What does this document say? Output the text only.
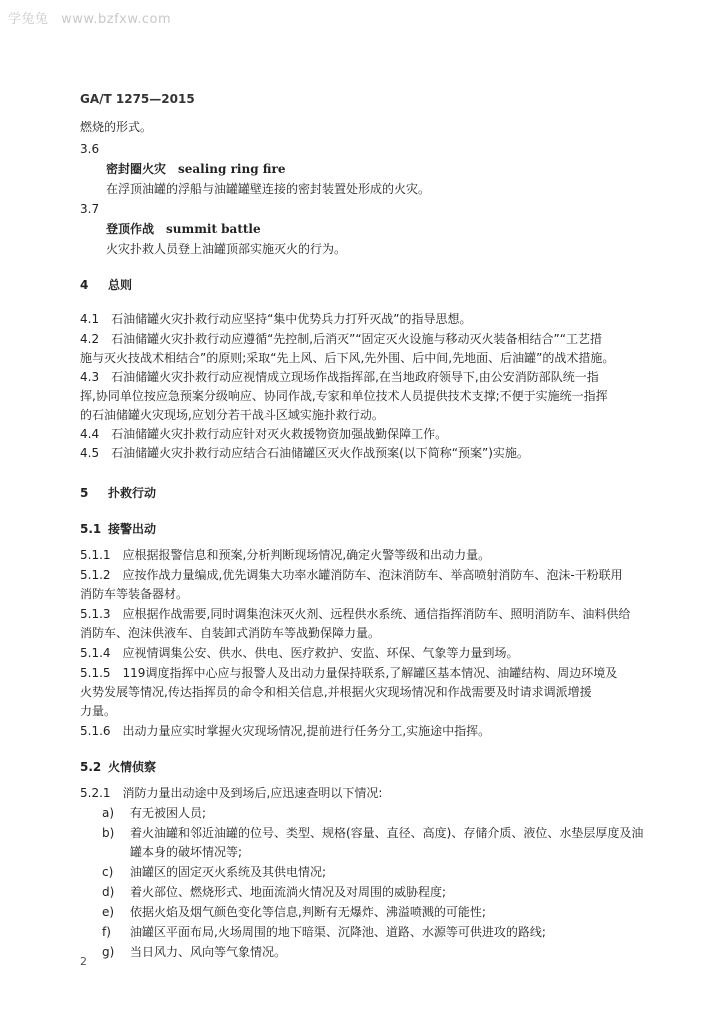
学兔兔 www.bzfxw.com
GA/T 1275—2015
燃烧的形式。
3.6
密封圈火灾 sealing ring fire
在浮顶油罐的浮船与油罐罐壁连接的密封装置处形成的火灾。
3.7
登顶作战 summit battle
火灾扑救人员登上油罐顶部实施灭火的行为。
4 总则
4.1　石油储罐火灾扑救行动应坚持“集中优势兵力打歼灭战”的指导思想。
4.2　石油储罐火灾扑救行动应遵循“先控制,后消灭”“固定灭火设施与移动灭火装备相结合”“工艺措
施与灭火技战术相结合”的原则;采取“先上风、后下风,先外围、后中间,先地面、后油罐”的战术措施。
4.3　石油储罐火灾扑救行动应视情成立现场作战指挥部,在当地政府领导下,由公安消防部队统一指
挥,协同单位按应急预案分级响应、协同作战,专家和单位技术人员提供技术支撑;不便于实施统一指挥
的石油储罐火灾现场,应划分若干战斗区域实施扑救行动。
4.4　石油储罐火灾扑救行动应针对灭火救援物资加强战勤保障工作。
4.5　石油储罐火灾扑救行动应结合石油储罐区灭火作战预案(以下简称“预案”)实施。
5 扑救行动
5.1 接警出动
5.1.1　应根据报警信息和预案,分析判断现场情况,确定火警等级和出动力量。
5.1.2　应按作战力量编成,优先调集大功率水罐消防车、泡沫消防车、举高喷射消防车、泡沫-干粉联用
消防车等装备器材。
5.1.3　应根据作战需要,同时调集泡沫灭火剂、远程供水系统、通信指挥消防车、照明消防车、油料供给
消防车、泡沫供液车、自装卸式消防车等战勤保障力量。
5.1.4　应视情调集公安、供水、供电、医疗救护、安监、环保、气象等力量到场。
5.1.5　119调度指挥中心应与报警人及出动力量保持联系,了解罐区基本情况、油罐结构、周边环境及
火势发展等情况,传达指挥员的命令和相关信息,并根据火灾现场情况和作战需要及时请求调派增援
力量。
5.1.6　出动力量应实时掌握火灾现场情况,提前进行任务分工,实施途中指挥。
5.2 火情侦察
5.2.1　消防力量出动途中及到场后,应迅速查明以下情况:
a) 有无被困人员;
b) 着火油罐和邻近油罐的位号、类型、规格(容量、直径、高度)、存储介质、液位、水垫层厚度及油
罐本身的破坏情况等;
c) 油罐区的固定灭火系统及其供电情况;
d) 着火部位、燃烧形式、地面流淌火情况及对周围的威胁程度;
e) 依据火焰及烟气颜色变化等信息,判断有无爆炸、沸溢喷溅的可能性;
f) 油罐区平面布局,火场周围的地下暗渠、沉降池、道路、水源等可供进攻的路线;
g) 当日风力、风向等气象情况。
2
